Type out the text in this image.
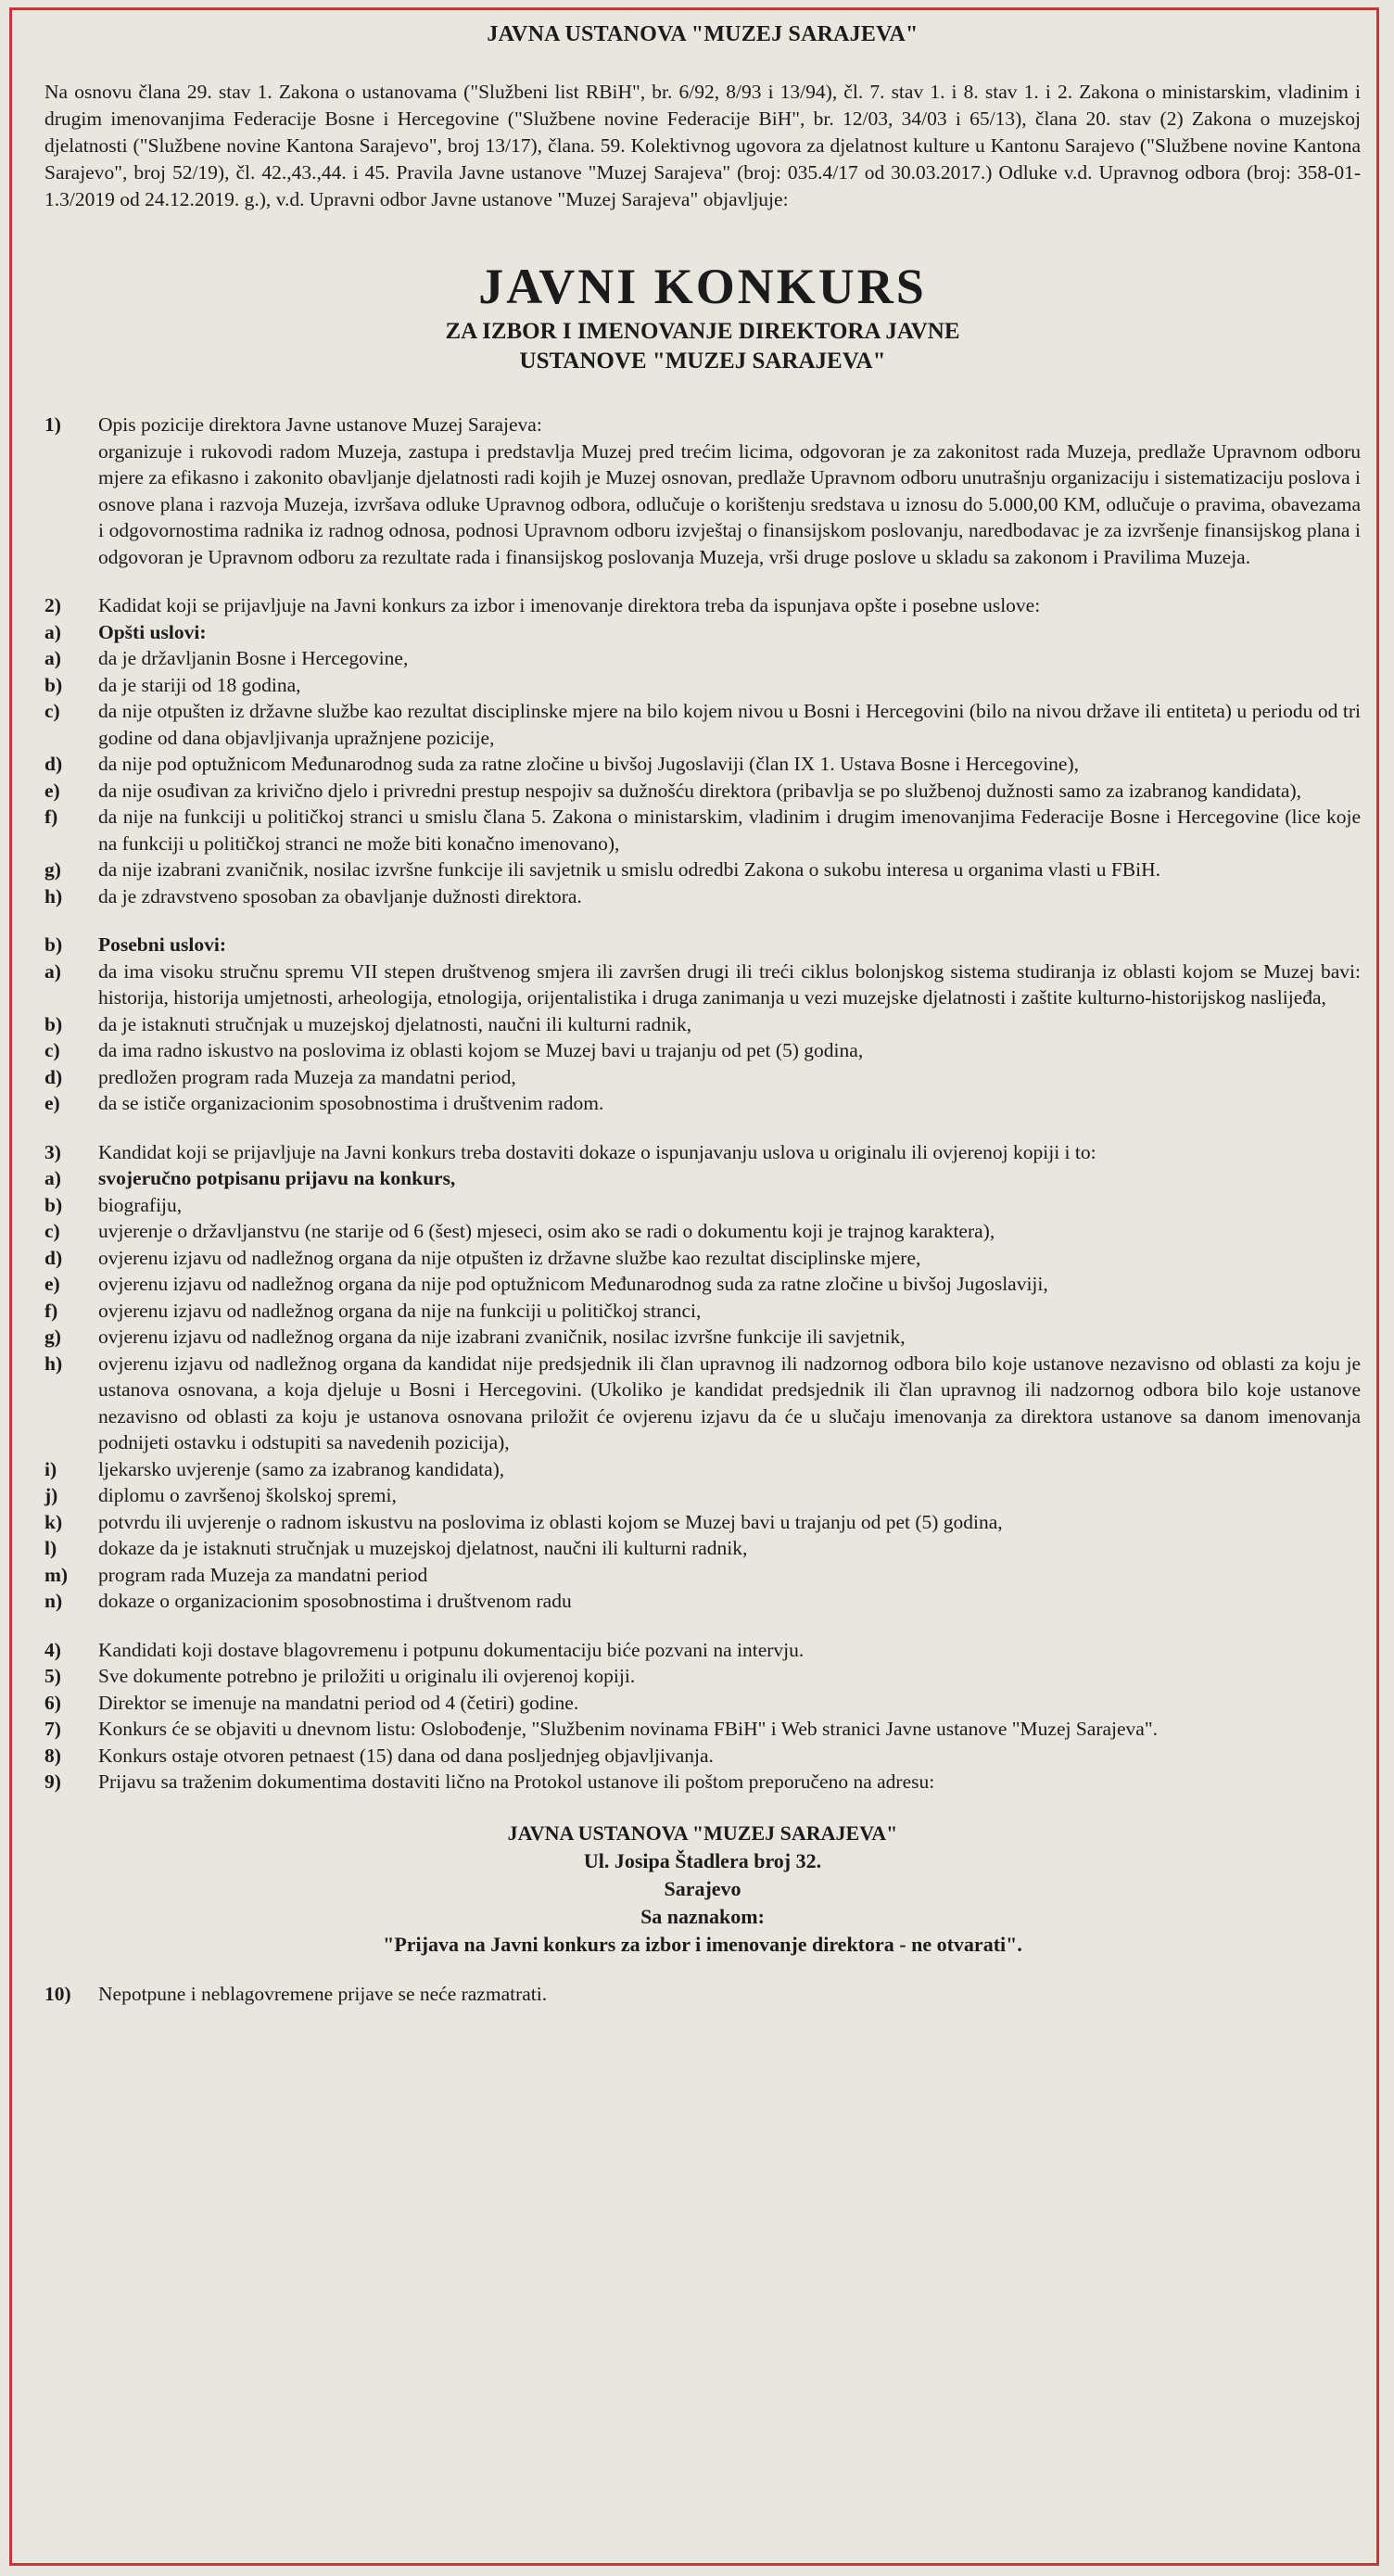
JAVNA USTANOVA "MUZEJ SARAJEVA"

Na osnovu člana 29. stav 1. Zakona o ustanovama ("Službeni list RBiH", br. 6/92, 8/93 i 13/94), čl. 7. stav 1. i 8. stav 1. i 2. Zakona o ministarskim, vladinim i drugim imenovanjima Federacije Bosne i Hercegovine ("Službene novine Federacije BiH", br. 12/03, 34/03 i 65/13), člana 20. stav (2) Zakona o muzejskoj djelatnosti ("Službene novine Kantona Sarajevo", broj 13/17), člana. 59. Kolektivnog ugovora za djelatnost kulture u Kantonu Sarajevo ("Službene novine Kantona Sarajevo", broj 52/19), čl. 42.,43.,44. i 45. Pravila Javne ustanove "Muzej Sarajeva" (broj: 035.4/17 od 30.03.2017.) Odluke v.d. Upravnog odbora (broj: 358-01-1.3/2019 od 24.12.2019. g.), v.d. Upravni odbor Javne ustanove "Muzej Sarajeva" objavljuje:

JAVNI KONKURS
ZA IZBOR I IMENOVANJE DIREKTORA JAVNE
USTANOVE "MUZEJ SARAJEVA"
1)	Opis pozicije direktora Javne ustanove Muzej Sarajeva:
organizuje i rukovodi radom Muzeja, zastupa i predstavlja Muzej pred trećim licima, odgovoran je za zakonitost rada Muzeja, predlaže Upravnom odboru mjere za efikasno i zakonito obavljanje djelatnosti radi kojih je Muzej osnovan, predlaže Upravnom odboru unutrašnju organizaciju i sistematizaciju poslova i osnove plana i razvoja Muzeja, izvršava odluke Upravnog odbora, odlučuje o korištenju sredstava u iznosu do 5.000,00 KM, odlučuje o pravima, obavezama i odgovornostima radnika iz radnog odnosa, podnosi Upravnom odboru izvještaj o finansijskom poslovanju, naredbodavac je za izvršenje finansijskog plana i odgovoran je Upravnom odboru za rezultate rada i finansijskog poslovanja Muzeja, vrši druge poslove u skladu sa zakonom i Pravilima Muzeja.
2)	Kadidat koji se prijavljuje na Javni konkurs za izbor i imenovanje direktora treba da ispunjava opšte i posebne uslove:
a)	Opšti uslovi:
a)	da je državljanin Bosne i Hercegovine,
b)	da je stariji od 18 godina,
c)	da nije otpušten iz državne službe kao rezultat disciplinske mjere na bilo kojem nivou u Bosni i Hercegovini (bilo na nivou države ili entiteta) u periodu od tri godine od dana objavljivanja upražnjene pozicije,
d)	da nije pod optužnicom Međunarodnog suda za ratne zločine u bivšoj Jugoslaviji (član IX 1. Ustava Bosne i Hercegovine),
e)	da nije osuđivan za krivično djelo i privredni prestup nespojiv sa dužnošću direktora (pribavlja se po službenoj dužnosti samo za izabranog kandidata),
f)	da nije na funkciji u političkoj stranci u smislu člana 5. Zakona o ministarskim, vladinim i drugim imenovanjima Federacije Bosne i Hercegovine (lice koje na funkciji u političkoj stranci ne može biti konačno imenovano),
g)	da nije izabrani zvaničnik, nosilac izvršne funkcije ili savjetnik u smislu odredbi Zakona o sukobu interesa u organima vlasti u FBiH.
h)	da je zdravstveno sposoban za obavljanje dužnosti direktora.
b)	Posebni uslovi:
a)	da ima visoku stručnu spremu VII stepen društvenog smjera ili završen drugi ili treći ciklus bolonjskog sistema studiranja iz oblasti kojom se Muzej bavi: historija, historija umjetnosti, arheologija, etnologija, orijentalistika i druga zanimanja u vezi muzejske djelatnosti i zaštite kulturno-historijskog naslijeđa,
b)	da je istaknuti stručnjak u muzejskoj djelatnosti, naučni ili kulturni radnik,
c)	da ima radno iskustvo na poslovima iz oblasti kojom se Muzej bavi u trajanju od pet (5) godina,
d)	predložen program rada Muzeja za mandatni period,
e)	da se ističe organizacionim sposobnostima i društvenim radom.
3)	Kandidat koji se prijavljuje na Javni konkurs treba dostaviti dokaze o ispunjavanju uslova u originalu ili ovjerenoj kopiji i to:
a)	svojeručno potpisanu prijavu na konkurs,
b)	biografiju,
c)	uvjerenje o državljanstvu (ne starije od 6 (šest) mjeseci, osim ako se radi o dokumentu koji je trajnog karaktera),
d)	ovjerenu izjavu od nadležnog organa da nije otpušten iz državne službe kao rezultat disciplinske mjere,
e)	ovjerenu izjavu od nadležnog organa da nije pod optužnicom Međunarodnog suda za ratne zločine u bivšoj Jugoslaviji,
f)	ovjerenu izjavu od nadležnog organa da nije na funkciji u političkoj stranci,
g)	ovjerenu izjavu od nadležnog organa da nije izabrani zvaničnik, nosilac izvršne funkcije ili savjetnik,
h)	ovjerenu izjavu od nadležnog organa da kandidat nije predsjednik ili član upravnog ili nadzornog odbora bilo koje ustanove nezavisno od oblasti za koju je ustanova osnovana, a koja djeluje u Bosni i Hercegovini. (Ukoliko je kandidat predsjednik ili član upravnog ili nadzornog odbora bilo koje ustanove nezavisno od oblasti za koju je ustanova osnovana priložit će ovjerenu izjavu da će u slučaju imenovanja za direktora ustanove sa danom imenovanja podnijeti ostavku i odstupiti sa navedenih pozicija),
i)	ljekarsko uvjerenje (samo za izabranog kandidata),
j)	diplomu o završenoj školskoj spremi,
k)	potvrdu ili uvjerenje o radnom iskustvu na poslovima iz oblasti kojom se Muzej bavi u trajanju od pet (5) godina,
l)	dokaze da je istaknuti stručnjak u muzejskoj djelatnost, naučni ili kulturni radnik,
m)	program rada Muzeja za mandatni period
n)	dokaze o organizacionim sposobnostima i društvenom radu
4)	Kandidati koji dostave blagovremenu i potpunu dokumentaciju biće pozvani na intervju.
5)	Sve dokumente potrebno je priložiti u originalu ili ovjerenoj kopiji.
6)	Direktor se imenuje na mandatni period od 4 (četiri) godine.
7)	Konkurs će se objaviti u dnevnom listu: Oslobođenje, "Službenim novinama FBiH" i Web stranici Javne ustanove "Muzej Sarajeva".
8)	Konkurs ostaje otvoren petnaest (15) dana od dana posljednjeg objavljivanja.
9)	Prijavu sa traženim dokumentima dostaviti lično na Protokol ustanove ili poštom preporučeno na adresu:
JAVNA USTANOVA "MUZEJ SARAJEVA"
Ul. Josipa Štadlera broj 32.
Sarajevo
Sa naznakom:
"Prijava na Javni konkurs za izbor i imenovanje direktora - ne otvarati".
10)	Nepotpune i neblagovremene prijave se neće razmatrati.
